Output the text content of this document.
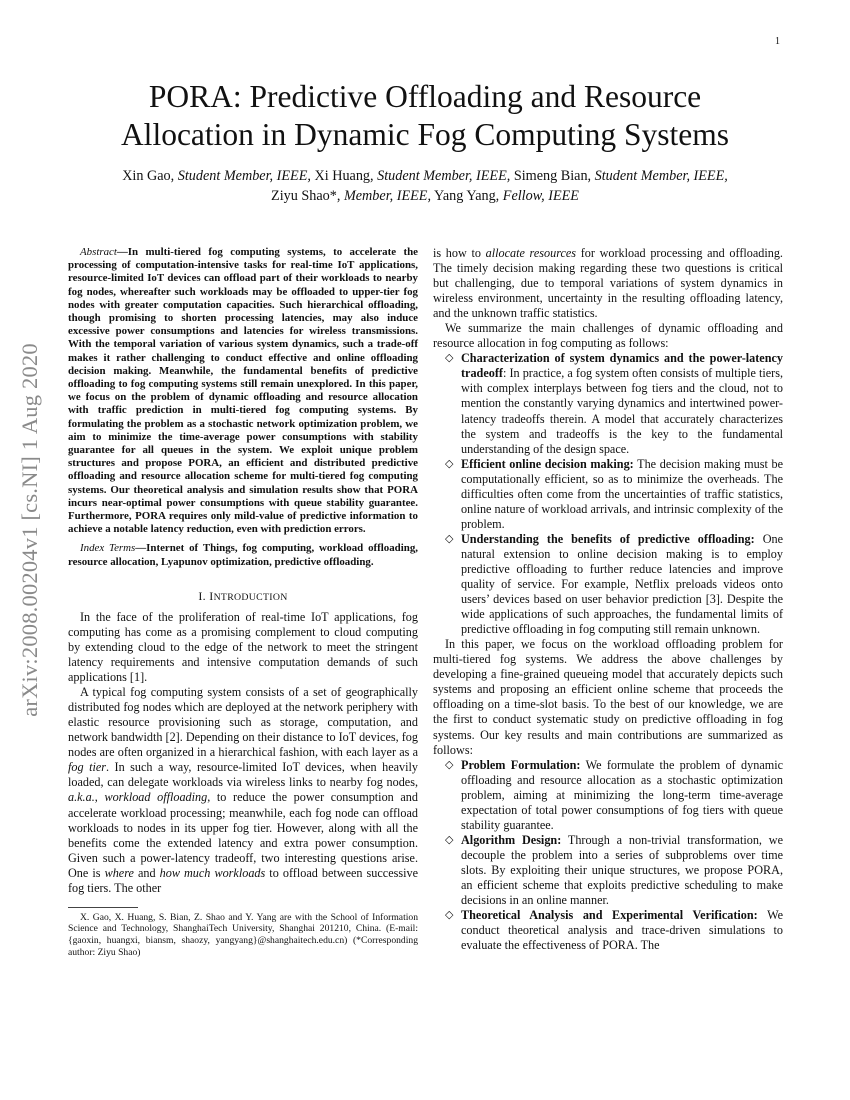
1
arXiv:2008.00204v1 [cs.NI] 1 Aug 2020
PORA: Predictive Offloading and Resource
Allocation in Dynamic Fog Computing Systems
Xin Gao, Student Member, IEEE, Xi Huang, Student Member, IEEE, Simeng Bian, Student Member, IEEE,
Ziyu Shao*, Member, IEEE, Yang Yang, Fellow, IEEE

Abstract—In multi-tiered fog computing systems, to accelerate the processing of computation-intensive tasks for real-time IoT applications, resource-limited IoT devices can offload part of their workloads to nearby fog nodes, whereafter such workloads may be offloaded to upper-tier fog nodes with greater computation capacities. Such hierarchical offloading, though promising to shorten processing latencies, may also induce excessive power consumptions and latencies for wireless transmissions. With the temporal variation of various system dynamics, such a trade-off makes it rather challenging to conduct effective and online offloading decision making. Meanwhile, the fundamental benefits of predictive offloading to fog computing systems still remain unexplored. In this paper, we focus on the problem of dynamic offloading and resource allocation with traffic prediction in multi-tiered fog computing systems. By formulating the problem as a stochastic network optimization problem, we aim to minimize the time-average power consumptions with stability guarantee for all queues in the system. We exploit unique problem structures and propose PORA, an efficient and distributed predictive offloading and resource allocation scheme for multi-tiered fog computing systems. Our theoretical analysis and simulation results show that PORA incurs near-optimal power consumptions with queue stability guarantee. Furthermore, PORA requires only mild-value of predictive information to achieve a notable latency reduction, even with prediction errors.

Index Terms—Internet of Things, fog computing, workload offloading, resource allocation, Lyapunov optimization, predictive offloading.

I. INTRODUCTION

In the face of the proliferation of real-time IoT applications, fog computing has come as a promising complement to cloud computing by extending cloud to the edge of the network to meet the stringent latency requirements and intensive computation demands of such applications [1].

A typical fog computing system consists of a set of geographically distributed fog nodes which are deployed at the network periphery with elastic resource provisioning such as storage, computation, and network bandwidth [2]. Depending on their distance to IoT devices, fog nodes are often organized in a hierarchical fashion, with each layer as a fog tier. In such a way, resource-limited IoT devices, when heavily loaded, can delegate workloads via wireless links to nearby fog nodes, a.k.a., workload offloading, to reduce the power consumption and accelerate workload processing; meanwhile, each fog node can offload workloads to nodes in its upper fog tier. However, along with all the benefits come the extended latency and extra power consumption. Given such a power-latency tradeoff, two interesting questions arise. One is where and how much workloads to offload between successive fog tiers. The other

X. Gao, X. Huang, S. Bian, Z. Shao and Y. Yang are with the School of Information Science and Technology, ShanghaiTech University, Shanghai 201210, China. (E-mail: {gaoxin, huangxi, biansm, shaozy, yangyang}@shanghaitech.edu.cn) (*Corresponding author: Ziyu Shao)

is how to allocate resources for workload processing and offloading. The timely decision making regarding these two questions is critical but challenging, due to temporal variations of system dynamics in wireless environment, uncertainty in the resulting offloading latency, and the unknown traffic statistics.

We summarize the main challenges of dynamic offloading and resource allocation in fog computing as follows:

◇ Characterization of system dynamics and the power-latency tradeoff: In practice, a fog system often consists of multiple tiers, with complex interplays between fog tiers and the cloud, not to mention the constantly varying dynamics and intertwined power-latency tradeoffs therein. A model that accurately characterizes the system and tradeoffs is the key to the fundamental understanding of the design space.
◇ Efficient online decision making: The decision making must be computationally efficient, so as to minimize the overheads. The difficulties often come from the uncertainties of traffic statistics, online nature of workload arrivals, and intrinsic complexity of the problem.
◇ Understanding the benefits of predictive offloading: One natural extension to online decision making is to employ predictive offloading to further reduce latencies and improve quality of service. For example, Netflix preloads videos onto users’ devices based on user behavior prediction [3]. Despite the wide applications of such approaches, the fundamental limits of predictive offloading in fog computing still remain unknown.

In this paper, we focus on the workload offloading problem for multi-tiered fog systems. We address the above challenges by developing a fine-grained queueing model that accurately depicts such systems and proposing an efficient online scheme that proceeds the offloading on a time-slot basis. To the best of our knowledge, we are the first to conduct systematic study on predictive offloading in fog systems. Our key results and main contributions are summarized as follows:

◇ Problem Formulation: We formulate the problem of dynamic offloading and resource allocation as a stochastic optimization problem, aiming at minimizing the long-term time-average expectation of total power consumptions of fog tiers with queue stability guarantee.
◇ Algorithm Design: Through a non-trivial transformation, we decouple the problem into a series of subproblems over time slots. By exploiting their unique structures, we propose PORA, an efficient scheme that exploits predictive scheduling to make decisions in an online manner.
◇ Theoretical Analysis and Experimental Verification: We conduct theoretical analysis and trace-driven simulations to evaluate the effectiveness of PORA. The
